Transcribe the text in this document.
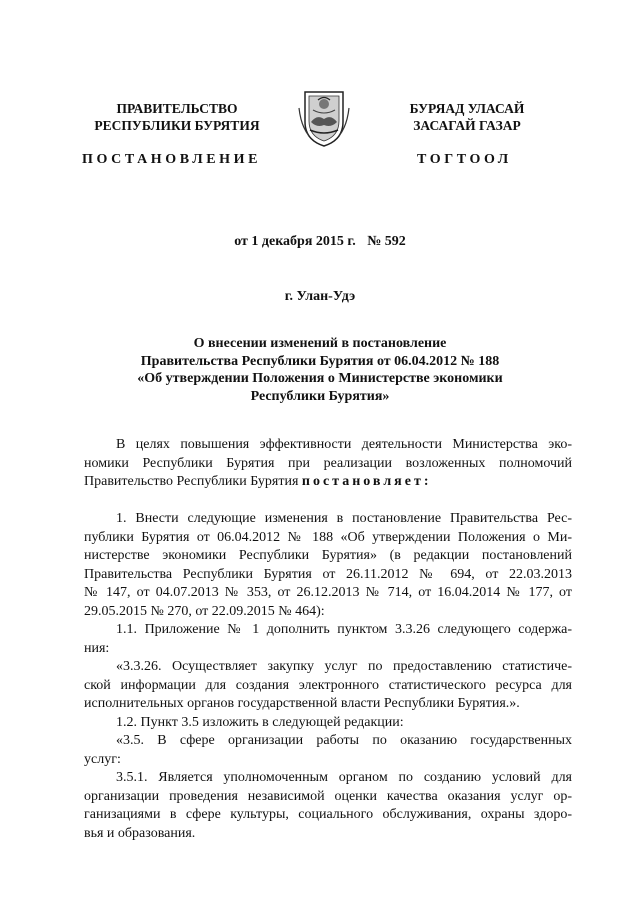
ПРАВИТЕЛЬСТВО
РЕСПУБЛИКИ БУРЯТИЯ
ПОСТАНОВЛЕНИЕ
БУРЯАД УЛАСАЙ
ЗАСАГАЙ ГАЗАР
ТОГТООЛ
от 1 декабря 2015 г. № 592
г. Улан-Удэ
О внесении изменений в постановление
Правительства Республики Бурятия от 06.04.2012 № 188
«Об утверждении Положения о Министерстве экономики
Республики Бурятия»
В целях повышения эффективности деятельности Министерства эко-
номики Республики Бурятия при реализации возложенных полномочий
Правительство Республики Бурятия постановляет:
1. Внести следующие изменения в постановление Правительства Рес-
публики Бурятия от 06.04.2012 № 188 «Об утверждении Положения о Ми-
нистерстве экономики Республики Бурятия» (в редакции постановлений
Правительства Республики Бурятия от 26.11.2012 № 694, от 22.03.2013
№ 147, от 04.07.2013 № 353, от 26.12.2013 № 714, от 16.04.2014 № 177, от
29.05.2015 № 270, от 22.09.2015 № 464):
1.1. Приложение № 1 дополнить пунктом 3.3.26 следующего содержа-
ния:
«3.3.26. Осуществляет закупку услуг по предоставлению статистиче-
ской информации для создания электронного статистического ресурса для
исполнительных органов государственной власти Республики Бурятия.».
1.2. Пункт 3.5 изложить в следующей редакции:
«3.5. В сфере организации работы по оказанию государственных
услуг:
3.5.1. Является уполномоченным органом по созданию условий для
организации проведения независимой оценки качества оказания услуг ор-
ганизациями в сфере культуры, социального обслуживания, охраны здоро-
вья и образования.
